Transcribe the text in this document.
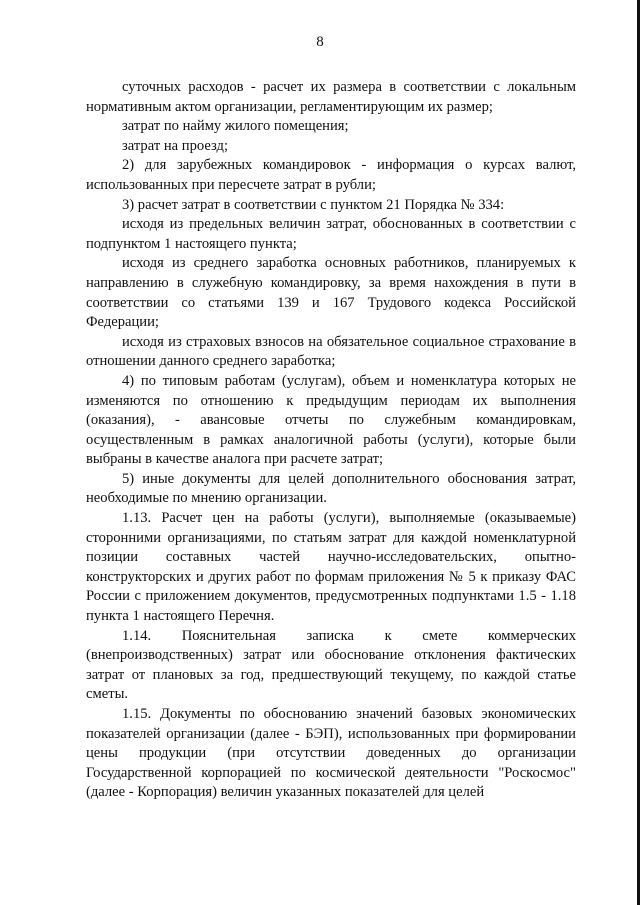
8

суточных расходов - расчет их размера в соответствии с локальным нормативным актом организации, регламентирующим их размер;

затрат по найму жилого помещения;

затрат на проезд;

2) для зарубежных командировок - информация о курсах валют, использованных при пересчете затрат в рубли;

3) расчет затрат в соответствии с пунктом 21 Порядка № 334:

исходя из предельных величин затрат, обоснованных в соответствии с подпунктом 1 настоящего пункта;

исходя из среднего заработка основных работников, планируемых к направлению в служебную командировку, за время нахождения в пути в соответствии со статьями 139 и 167 Трудового кодекса Российской Федерации;

исходя из страховых взносов на обязательное социальное страхование в отношении данного среднего заработка;

4) по типовым работам (услугам), объем и номенклатура которых не изменяются по отношению к предыдущим периодам их выполнения (оказания), - авансовые отчеты по служебным командировкам, осуществленным в рамках аналогичной работы (услуги), которые были выбраны в качестве аналога при расчете затрат;

5) иные документы для целей дополнительного обоснования затрат, необходимые по мнению организации.

1.13. Расчет цен на работы (услуги), выполняемые (оказываемые) сторонними организациями, по статьям затрат для каждой номенклатурной позиции составных частей научно-исследовательских, опытно-конструкторских и других работ по формам приложения № 5 к приказу ФАС России с приложением документов, предусмотренных подпунктами 1.5 - 1.18 пункта 1 настоящего Перечня.

1.14. Пояснительная записка к смете коммерческих (внепроизводственных) затрат или обоснование отклонения фактических затрат от плановых за год, предшествующий текущему, по каждой статье сметы.

1.15. Документы по обоснованию значений базовых экономических показателей организации (далее - БЭП), использованных при формировании цены продукции (при отсутствии доведенных до организации Государственной корпорацией по космической деятельности "Роскосмос" (далее - Корпорация) величин указанных показателей для целей
